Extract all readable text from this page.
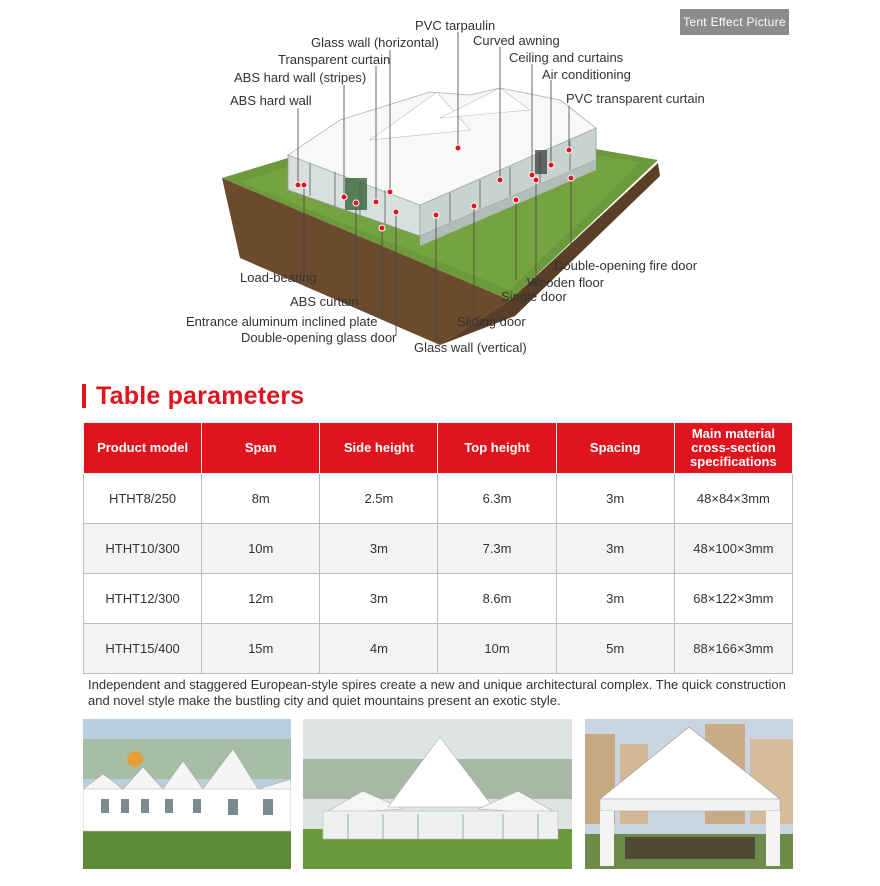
Tent Effect Picture
PVC tarpaulin
Glass wall (horizontal)	Curved awning
Transparent curtain	Ceiling and curtains
ABS hard wall (stripes)	Air conditioning
ABS hard wall	PVC transparent curtain
Double-opening fire door
Load-bearing	Wooden floor
Single door
ABS curtain
Entrance aluminum inclined plate	Sliding door
Double-opening glass door
Glass wall (vertical)
Table parameters
Product model	Span	Side height	Top height	Spacing	Main material cross-section specifications
HTHT8/250	8m	2.5m	6.3m	3m	48×84×3mm
HTHT10/300	10m	3m	7.3m	3m	48×100×3mm
HTHT12/300	12m	3m	8.6m	3m	68×122×3mm
HTHT15/400	15m	4m	10m	5m	88×166×3mm
Independent and staggered European-style spires create a new and unique architectural complex. The quick construction and novel style make the bustling city and quiet mountains present an exotic style.
